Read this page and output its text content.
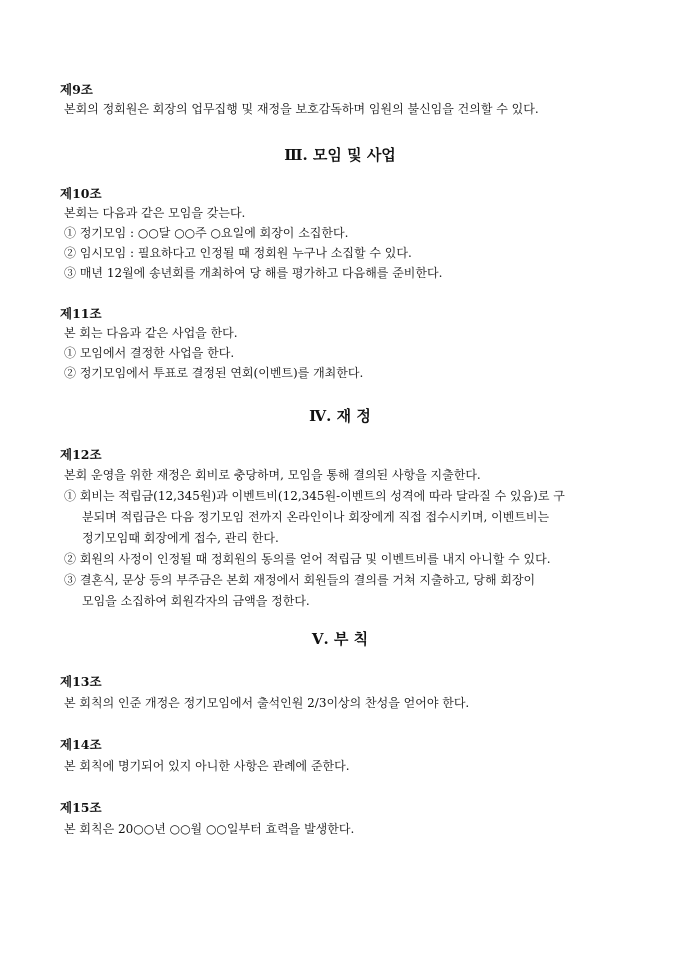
제9조
본회의 정회원은 회장의 업무집행 및 재정을 보호감독하며 임원의 불신임을 건의할 수 있다.
Ⅲ. 모임 및 사업
제10조
본회는 다음과 같은 모임을 갖는다.
① 정기모임 : ○○달 ○○주 ○요일에 회장이 소집한다.
② 임시모임 : 필요하다고 인정될 때 정회원 누구나 소집할 수 있다.
③ 매년 12월에 송년회를 개최하여 당 해를 평가하고 다음해를 준비한다.
제11조
본 회는 다음과 같은 사업을 한다.
① 모임에서 결정한 사업을 한다.
② 정기모임에서 투표로 결정된 연회(이벤트)를 개최한다.
Ⅳ. 재 정
제12조
본회 운영을 위한 재정은 회비로 충당하며, 모임을 통해 결의된 사항을 지출한다.
① 회비는 적립금(12,345원)과 이벤트비(12,345원-이벤트의 성격에 따라 달라질 수 있음)로 구
분되며 적립금은 다음 정기모임 전까지 온라인이나 회장에게 직접 접수시키며, 이벤트비는
정기모임때 회장에게 접수, 관리 한다.
② 회원의 사정이 인정될 때 정회원의 동의를 얻어 적립금 및 이벤트비를 내지 아니할 수 있다.
③ 결혼식, 문상 등의 부주금은 본회 재정에서 회원들의 결의를 거쳐 지출하고, 당해 회장이
모임을 소집하여 회원각자의 금액을 정한다.
Ⅴ. 부 칙
제13조
본 회칙의 인준 개정은 정기모임에서 출석인원 2/3이상의 찬성을 얻어야 한다.
제14조
본 회칙에 명기되어 있지 아니한 사항은 관례에 준한다.
제15조
본 회칙은 20○○년 ○○월 ○○일부터 효력을 발생한다.
